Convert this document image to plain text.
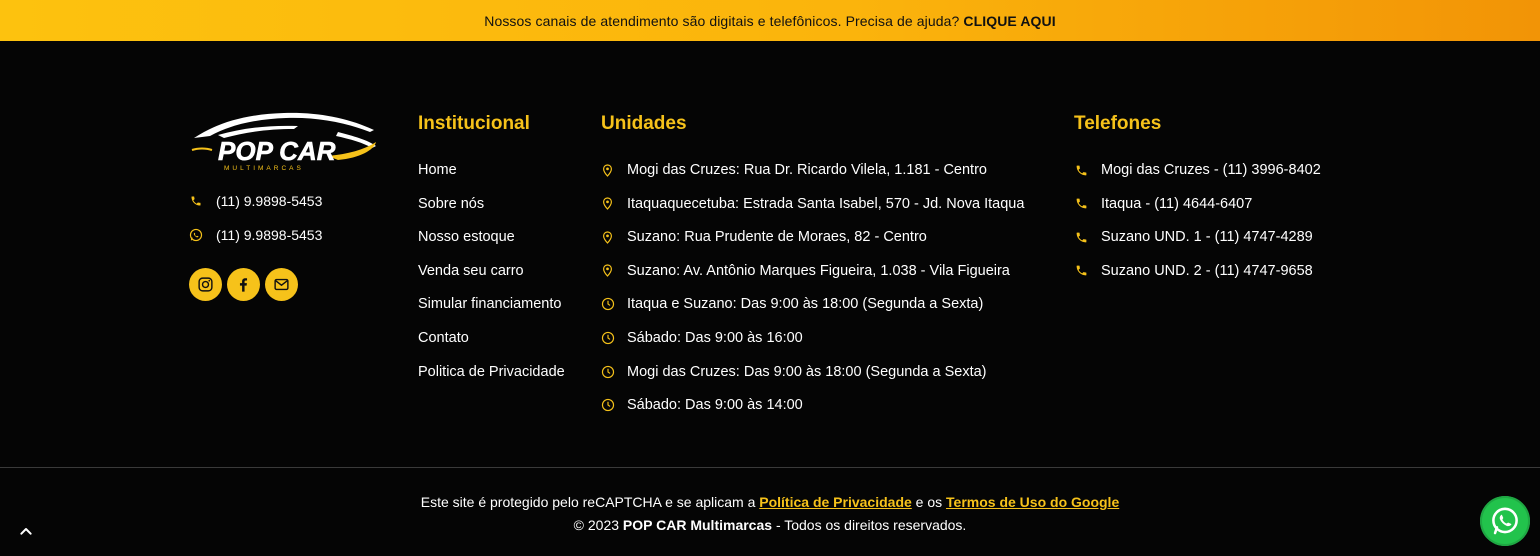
Nossos canais de atendimento são digitais e telefônicos. Precisa de ajuda? CLIQUE AQUI
POP CAR
MULTIMARCAS
(11) 9.9898-5453
(11) 9.9898-5453
Institucional
Home
Sobre nós
Nosso estoque
Venda seu carro
Simular financiamento
Contato
Politica de Privacidade
Unidades
Mogi das Cruzes: Rua Dr. Ricardo Vilela, 1.181 - Centro
Itaquaquecetuba: Estrada Santa Isabel, 570 - Jd. Nova Itaqua
Suzano: Rua Prudente de Moraes, 82 - Centro
Suzano: Av. Antônio Marques Figueira, 1.038 - Vila Figueira
Itaqua e Suzano: Das 9:00 às 18:00 (Segunda a Sexta)
Sábado: Das 9:00 às 16:00
Mogi das Cruzes: Das 9:00 às 18:00 (Segunda a Sexta)
Sábado: Das 9:00 às 14:00
Telefones
Mogi das Cruzes - (11) 3996-8402
Itaqua - (11) 4644-6407
Suzano UND. 1 - (11) 4747-4289
Suzano UND. 2 - (11) 4747-9658
Este site é protegido pelo reCAPTCHA e se aplicam a Política de Privacidade e os Termos de Uso do Google
© 2023 POP CAR Multimarcas - Todos os direitos reservados.
